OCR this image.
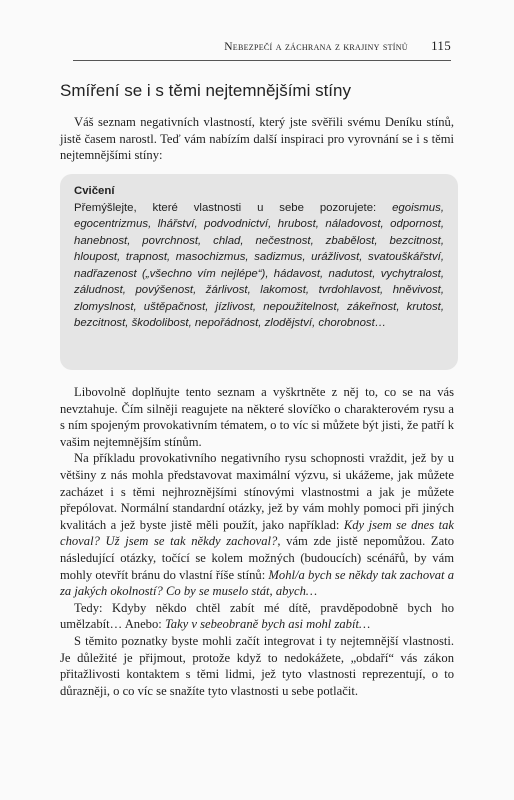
Nebezpečí a záchrana z krajiny stínů 115
Smíření se i s těmi nejtemnějšími stíny

Váš seznam negativních vlastností, který jste svěřili svému Deníku stínů, jistě časem narostl. Teď vám nabízím další inspiraci pro vyrovnání se i s těmi nejtemnějšími stíny:

Cvičení

Přemýšlejte, které vlastnosti u sebe pozorujete: egoismus, egocentrizmus, lhářství, podvodnictví, hrubost, náladovost, odpornost, hanebnost, povrchnost, chlad, nečestnost, zbabělost, bezcitnost, hloupost, trapnost, masochizmus, sadizmus, urážlivost, svatouškářství, nadřazenost („všechno vím nejlépe“), hádavost, nadutost, vychytralost, záludnost, povýšenost, žárlivost, lakomost, tvrdohlavost, hněvivost, zlomyslnost, uštěpačnost, jízlivost, nepoužitelnost, zákeřnost, krutost, bezcitnost, škodolibost, nepořádnost, zlodějství, chorobnost…

Libovolně doplňujte tento seznam a vyškrtněte z něj to, co se na vás nevztahuje. Čím silněji reagujete na některé slovíčko o charakterovém rysu a s ním spojeným provokativním tématem, o to víc si můžete být jisti, že patří k vašim nejtemnějším stínům.

Na příkladu provokativního negativního rysu schopnosti vraždit, jež by u většiny z nás mohla představovat maximální výzvu, si ukážeme, jak můžete zacházet i s těmi nejhroznějšími stínovými vlastnostmi a jak je můžete přepólovat. Normální standardní otázky, jež by vám mohly pomoci při jiných kvalitách a jež byste jistě měli použít, jako například: Kdy jsem se dnes tak choval? Už jsem se tak někdy zachoval?, vám zde jistě nepomůžou. Zato následující otázky, točící se kolem možných (budoucích) scénářů, by vám mohly otevřít bránu do vlastní říše stínů: Mohl/a bych se někdy tak zachovat a za jakých okolností? Co by se muselo stát, abych…

Tedy: Kdyby někdo chtěl zabít mé dítě, pravděpodobně bych ho umělzabít… Anebo: Taky v sebeobraně bych asi mohl zabít…

S těmito poznatky byste mohli začít integrovat i ty nejtemnější vlastnosti. Je důležité je přijmout, protože když to nedokážete, „obdaří“ vás zákon přitažlivosti kontaktem s těmi lidmi, jež tyto vlastnosti reprezentují, o to důrazněji, o co víc se snažíte tyto vlastnosti u sebe potlačit.
